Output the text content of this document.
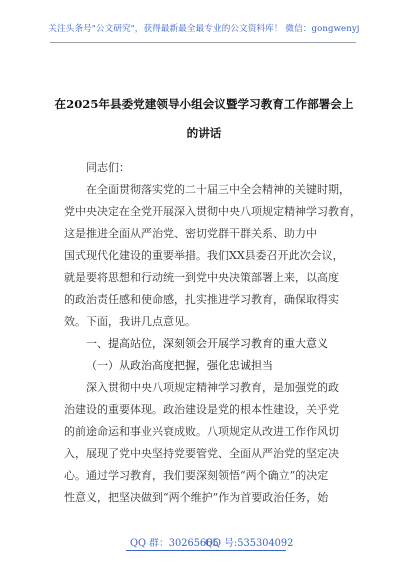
关注头条号"公文研究"，获得最新最全最专业的公文资料库！ 微信：gongwenyj
在2025年县委党建领导小组会议暨学习教育工作部署会上
的讲话
同志们：
在全面贯彻落实党的二十届三中全会精神的关键时期，
党中央决定在全党开展深入贯彻中央八项规定精神学习教育，
这是推进全面从严治党、密切党群干群关系、助力中
国式现代化建设的重要举措。我们XX县委召开此次会议，
就是要将思想和行动统一到党中央决策部署上来，以高度
的政治责任感和使命感，扎实推进学习教育，确保取得实
效。下面，我讲几点意见。
一、提高站位，深刻领会开展学习教育的重大意义
（一）从政治高度把握，强化忠诚担当
深入贯彻中央八项规定精神学习教育，是加强党的政
治建设的重要体现。政治建设是党的根本性建设，关乎党
的前途命运和事业兴衰成败。八项规定从改进工作作风切
入，展现了党中央坚持党要管党、全面从严治党的坚定决
心。通过学习教育，我们要深刻领悟“两个确立”的决定
性意义，把坚决做到“两个维护”作为首要政治任务，始
QQ 群：30265665
QQ 号:535304092
